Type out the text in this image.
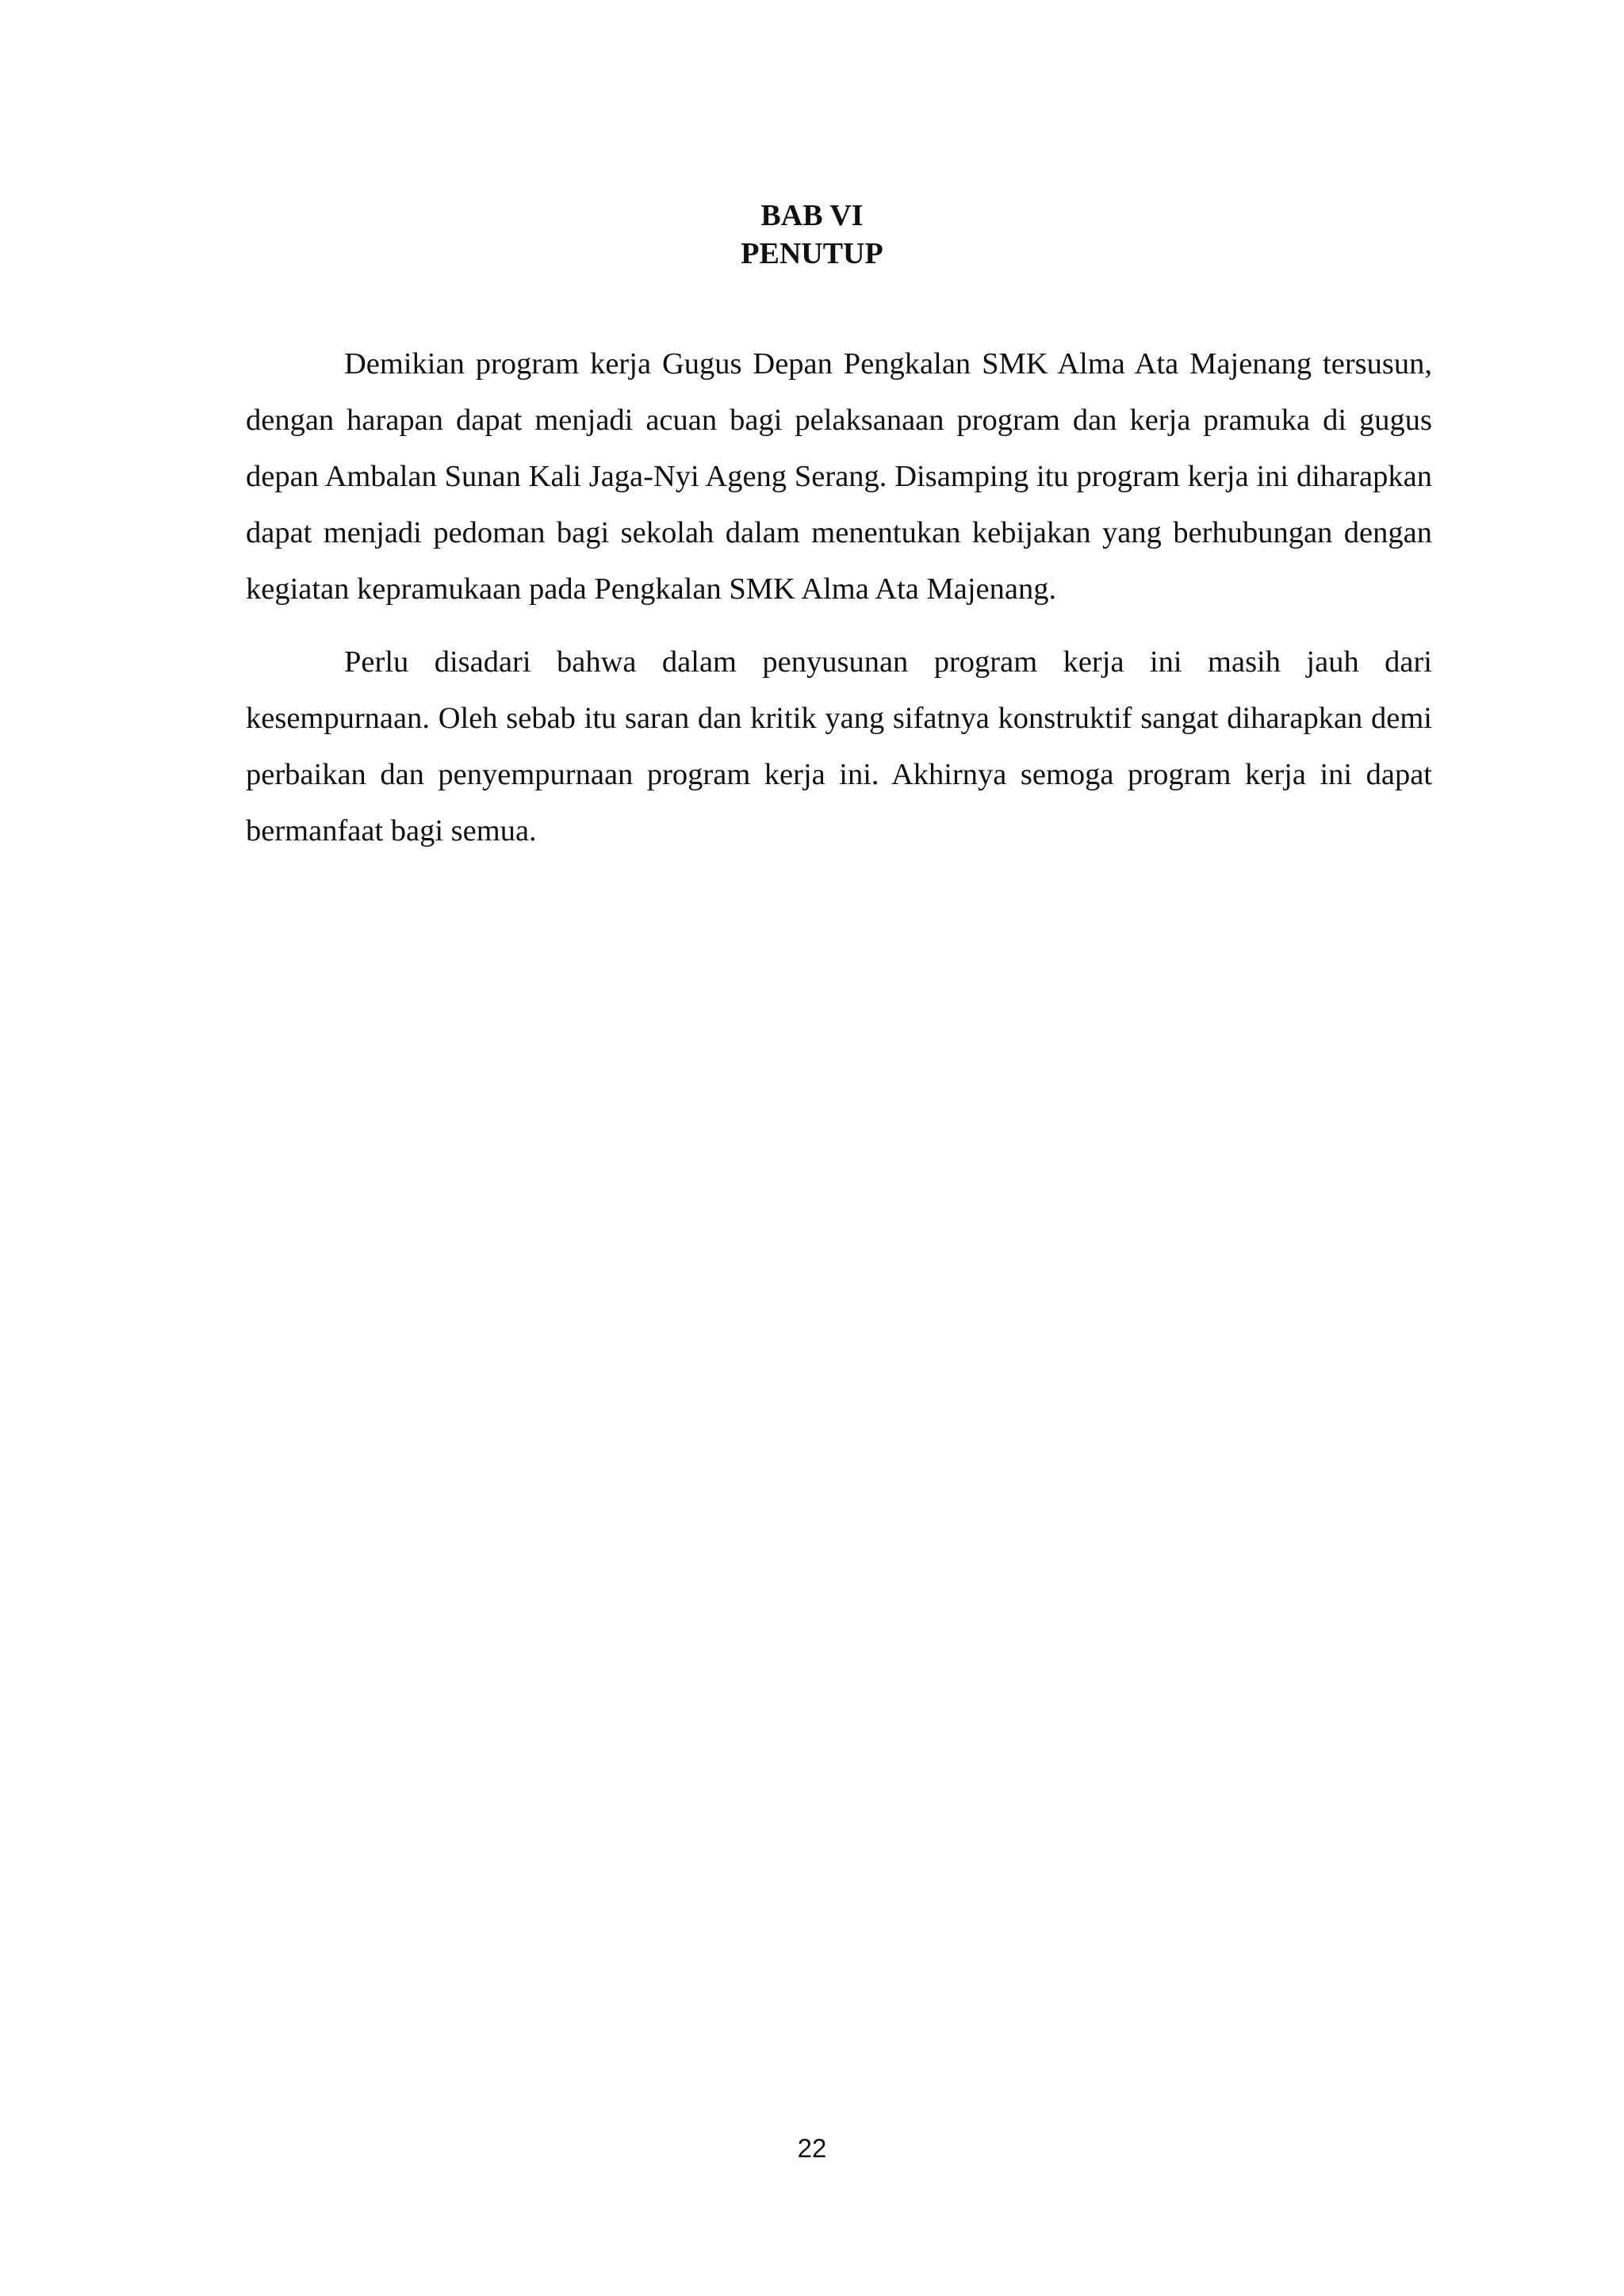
BAB VI
PENUTUP

Demikian program kerja Gugus Depan Pengkalan SMK Alma Ata Majenang tersusun, dengan harapan dapat menjadi acuan bagi pelaksanaan program dan kerja pramuka di gugus depan Ambalan Sunan Kali Jaga-Nyi Ageng Serang. Disamping itu program kerja ini diharapkan dapat menjadi pedoman bagi sekolah dalam menentukan kebijakan yang berhubungan dengan kegiatan kepramukaan pada Pengkalan SMK Alma Ata Majenang.

Perlu disadari bahwa dalam penyusunan program kerja ini masih jauh dari kesempurnaan. Oleh sebab itu saran dan kritik yang sifatnya konstruktif sangat diharapkan demi perbaikan dan penyempurnaan program kerja ini. Akhirnya semoga program kerja ini dapat bermanfaat bagi semua.

22
